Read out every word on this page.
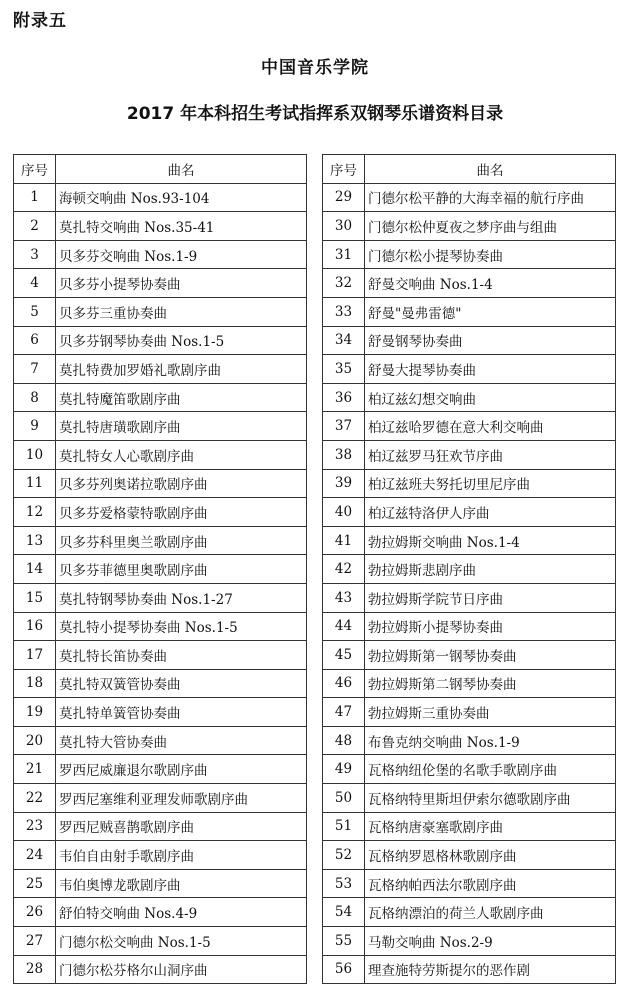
附录五
中国音乐学院
2017 年本科招生考试指挥系双钢琴乐谱资料目录
序号	曲名
1	海顿交响曲 Nos.93-104
2	莫扎特交响曲 Nos.35-41
3	贝多芬交响曲 Nos.1-9
4	贝多芬小提琴协奏曲
5	贝多芬三重协奏曲
6	贝多芬钢琴协奏曲 Nos.1-5
7	莫扎特费加罗婚礼歌剧序曲
8	莫扎特魔笛歌剧序曲
9	莫扎特唐璜歌剧序曲
10	莫扎特女人心歌剧序曲
11	贝多芬列奥诺拉歌剧序曲
12	贝多芬爱格蒙特歌剧序曲
13	贝多芬科里奥兰歌剧序曲
14	贝多芬菲德里奥歌剧序曲
15	莫扎特钢琴协奏曲 Nos.1-27
16	莫扎特小提琴协奏曲 Nos.1-5
17	莫扎特长笛协奏曲
18	莫扎特双簧管协奏曲
19	莫扎特单簧管协奏曲
20	莫扎特大管协奏曲
21	罗西尼威廉退尔歌剧序曲
22	罗西尼塞维利亚理发师歌剧序曲
23	罗西尼贼喜鹊歌剧序曲
24	韦伯自由射手歌剧序曲
25	韦伯奥博龙歌剧序曲
26	舒伯特交响曲 Nos.4-9
27	门德尔松交响曲 Nos.1-5
28	门德尔松芬格尔山洞序曲
序号	曲名
29	门德尔松平静的大海幸福的航行序曲
30	门德尔松仲夏夜之梦序曲与组曲
31	门德尔松小提琴协奏曲
32	舒曼交响曲 Nos.1-4
33	舒曼"曼弗雷德"
34	舒曼钢琴协奏曲
35	舒曼大提琴协奏曲
36	柏辽兹幻想交响曲
37	柏辽兹哈罗德在意大利交响曲
38	柏辽兹罗马狂欢节序曲
39	柏辽兹班夫努托切里尼序曲
40	柏辽兹特洛伊人序曲
41	勃拉姆斯交响曲 Nos.1-4
42	勃拉姆斯悲剧序曲
43	勃拉姆斯学院节日序曲
44	勃拉姆斯小提琴协奏曲
45	勃拉姆斯第一钢琴协奏曲
46	勃拉姆斯第二钢琴协奏曲
47	勃拉姆斯三重协奏曲
48	布鲁克纳交响曲 Nos.1-9
49	瓦格纳纽伦堡的名歌手歌剧序曲
50	瓦格纳特里斯坦伊索尔德歌剧序曲
51	瓦格纳唐豪塞歌剧序曲
52	瓦格纳罗恩格林歌剧序曲
53	瓦格纳帕西法尔歌剧序曲
54	瓦格纳漂泊的荷兰人歌剧序曲
55	马勒交响曲 Nos.2-9
56	理查施特劳斯提尔的恶作剧
